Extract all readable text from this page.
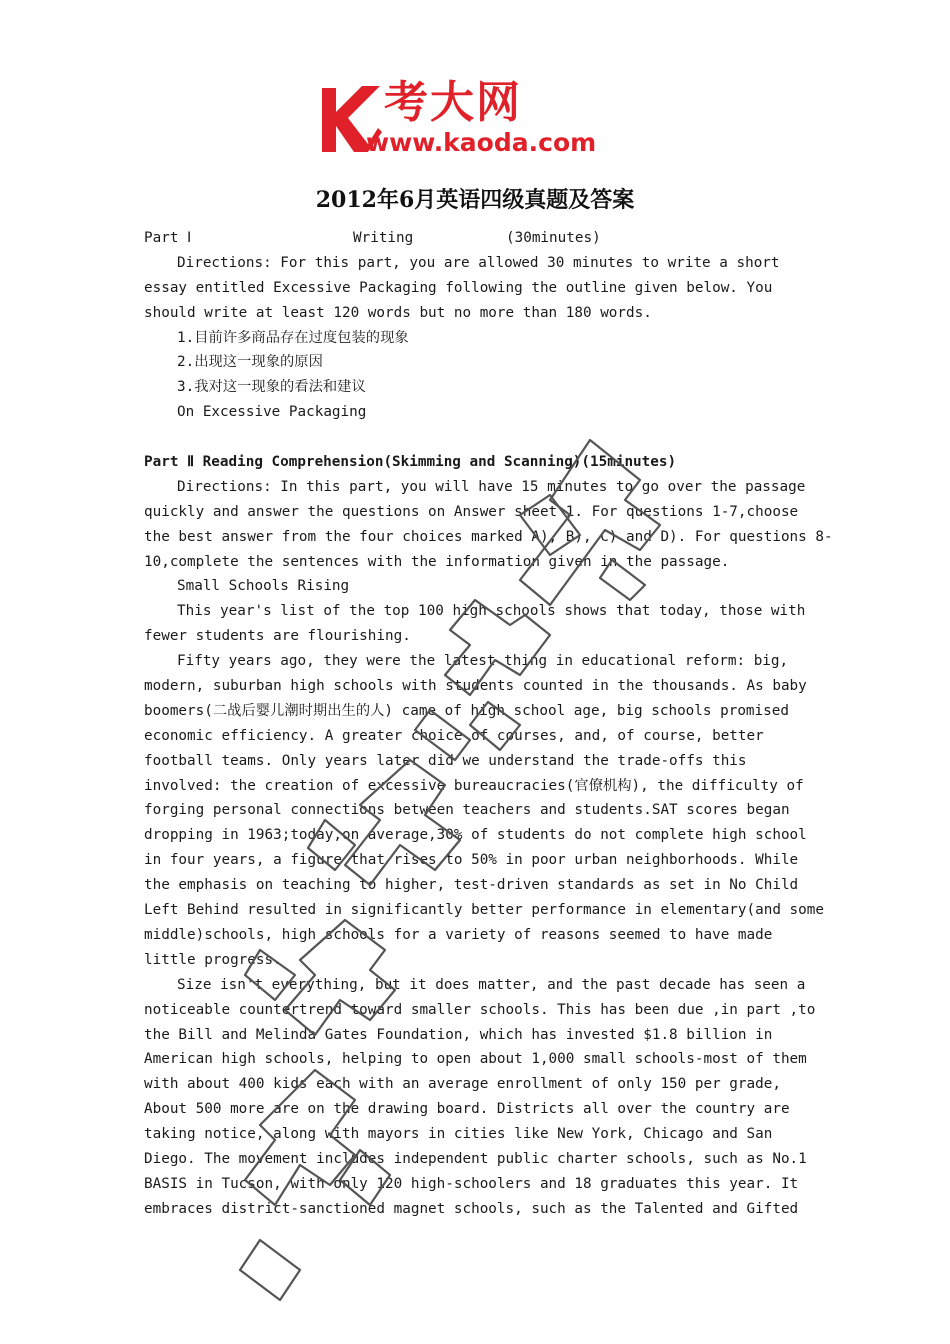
考大网
www.kaoda.com
2012年6月英语四级真题及答案

Part Ⅰ

	Writing

	(30minutes)

Directions: For this part, you are allowed 30 minutes to write a short
essay entitled Excessive Packaging following the outline given below. You
should write at least 120 words but no more than 180 words.
1.目前许多商品存在过度包装的现象
2.出现这一现象的原因
3.我对这一现象的看法和建议
On Excessive Packaging
Part Ⅱ Reading Comprehension(Skimming and Scanning)(15minutes)
Directions: In this part, you will have 15 minutes to go over the passage
quickly and answer the questions on Answer sheet 1. For questions 1-7,choose
the best answer from the four choices marked A), B), C) and D). For questions 8-
10,complete the sentences with the information given in the passage.
Small Schools Rising
This year's list of the top 100 high schools shows that today, those with
fewer students are flourishing.
Fifty years ago, they were the latest thing in educational reform: big,
modern, suburban high schools with students counted in the thousands. As baby
boomers(二战后婴儿潮时期出生的人) came of high school age, big schools promised
economic efficiency. A greater choice of courses, and, of course, better
football teams. Only years later did we understand the trade-offs this
involved: the creation of excessive bureaucracies(官僚机构), the difficulty of
forging personal connections between teachers and students.SAT scores began
dropping in 1963;today,on average,30% of students do not complete high school
in four years, a figure that rises to 50% in poor urban neighborhoods. While
the emphasis on teaching to higher, test-driven standards as set in No Child
Left Behind resulted in significantly better performance in elementary(and some
middle)schools, high schools for a variety of reasons seemed to have made
little progress.
Size isn't everything, but it does matter, and the past decade has seen a
noticeable countertrend toward smaller schools. This has been due ,in part ,to
the Bill and Melinda Gates Foundation, which has invested $1.8 billion in
American high schools, helping to open about 1,000 small schools-most of them
with about 400 kids each with an average enrollment of only 150 per grade,
About 500 more are on the drawing board. Districts all over the country are
taking notice, along with mayors in cities like New York, Chicago and San
Diego. The movement includes independent public charter schools, such as No.1
BASIS in Tucson, with only 120 high-schoolers and 18 graduates this year. It
embraces district-sanctioned magnet schools, such as the Talented and Gifted
